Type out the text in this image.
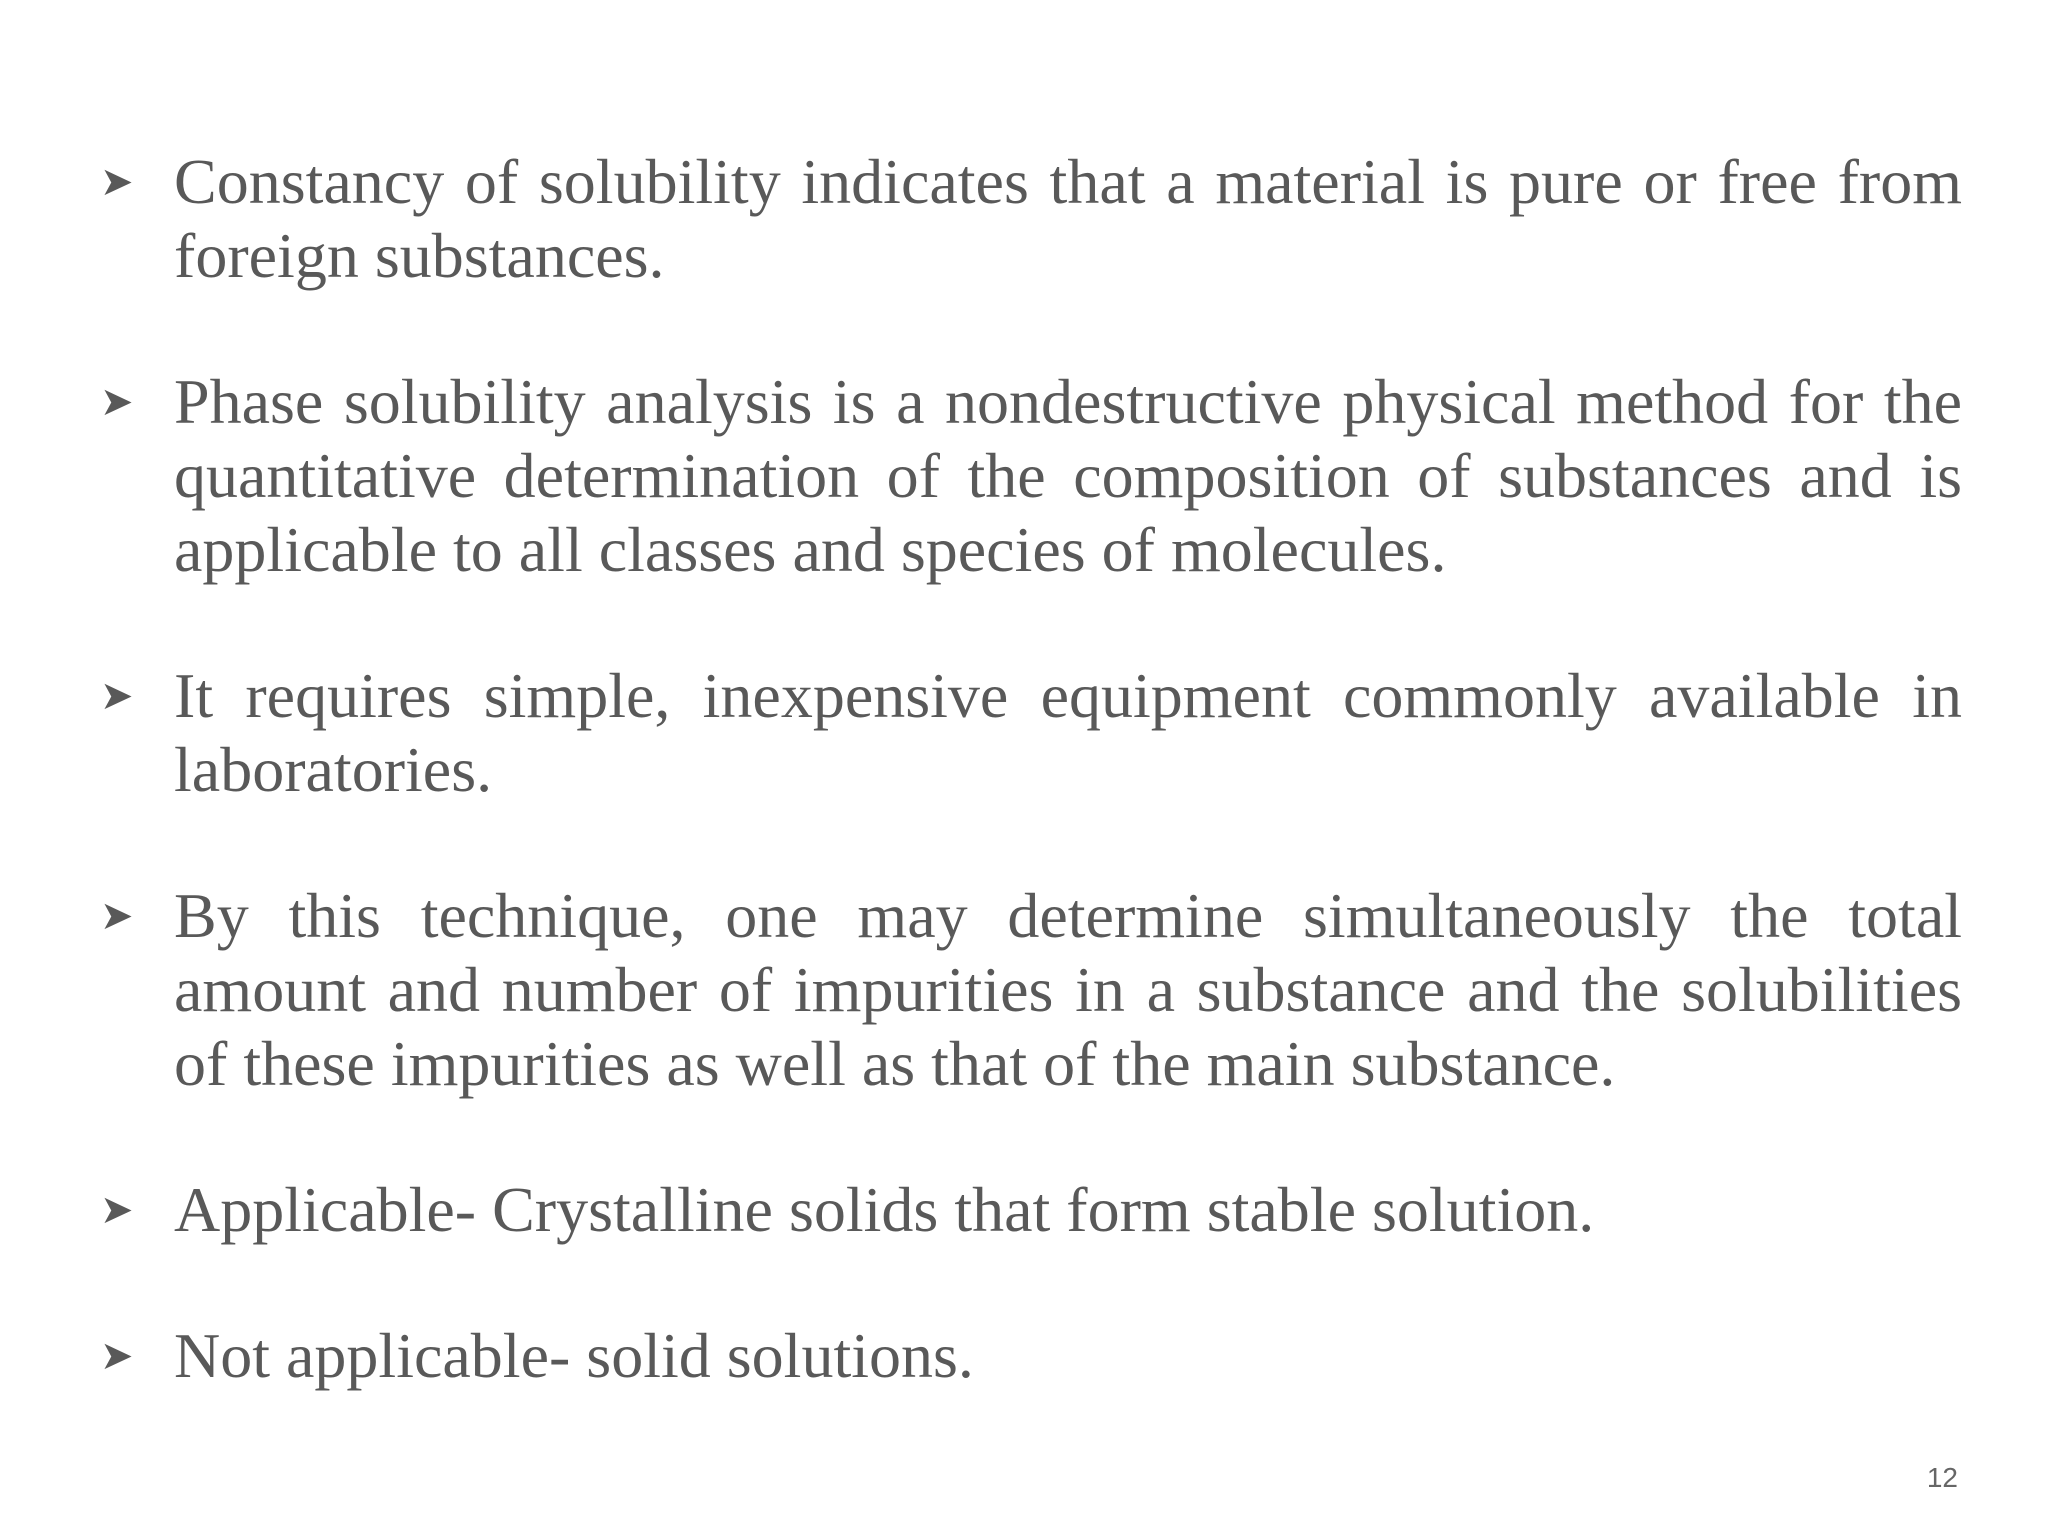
➤ Constancy of solubility indicates that a material is pure or free from foreign substances.
➤ Phase solubility analysis is a nondestructive physical method for the quantitative determination of the composition of substances and is applicable to all classes and species of molecules.
➤ It requires simple, inexpensive equipment commonly available in laboratories.
➤ By this technique, one may determine simultaneously the total amount and number of impurities in a substance and the solubilities of these impurities as well as that of the main substance.
➤ Applicable- Crystalline solids that form stable solution.
➤ Not applicable- solid solutions.
12
